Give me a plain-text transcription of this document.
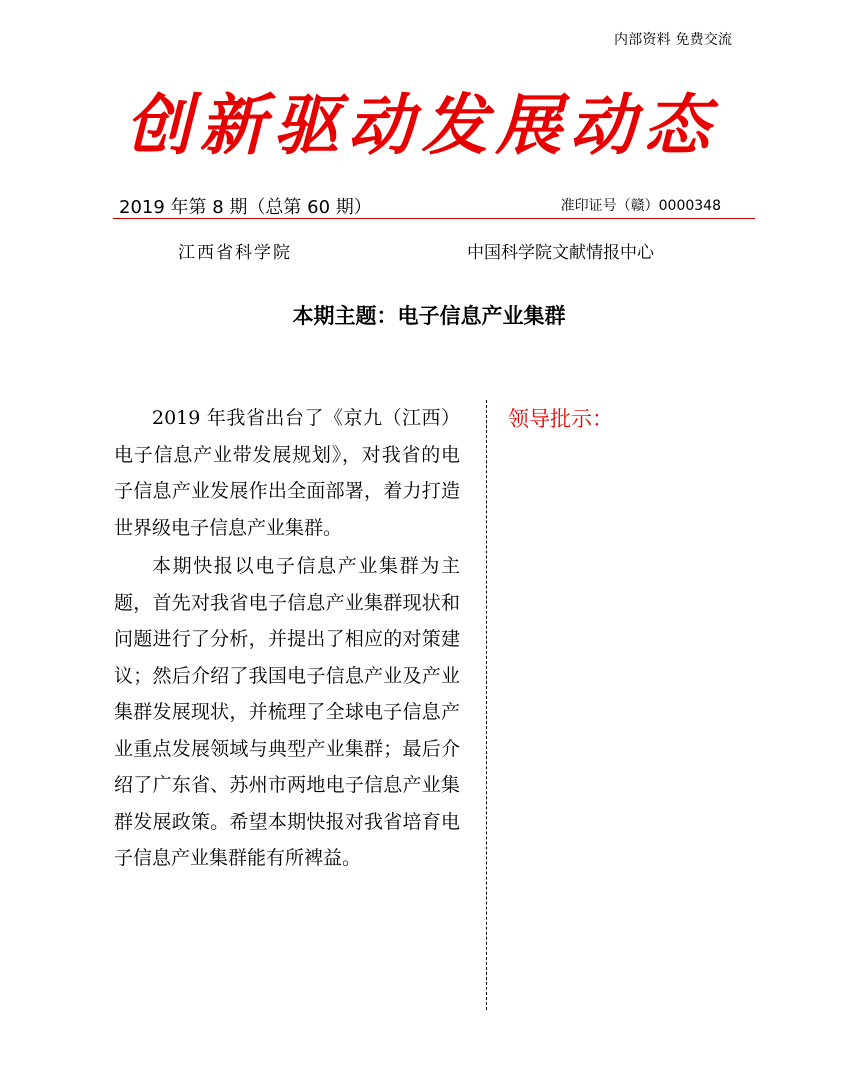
内部资料 免费交流
创新驱动发展动态
2019 年第 8 期（总第 60 期）	准印证号（赣）0000348
江西省科学院	中国科学院文献情报中心
本期主题：电子信息产业集群

2019 年我省出台了《京九（江西）电子信息产业带发展规划》，对我省的电子信息产业发展作出全面部署，着力打造世界级电子信息产业集群。

本期快报以电子信息产业集群为主题，首先对我省电子信息产业集群现状和问题进行了分析，并提出了相应的对策建议；然后介绍了我国电子信息产业及产业集群发展现状，并梳理了全球电子信息产业重点发展领域与典型产业集群；最后介绍了广东省、苏州市两地电子信息产业集群发展政策。希望本期快报对我省培育电子信息产业集群能有所裨益。

领导批示：
